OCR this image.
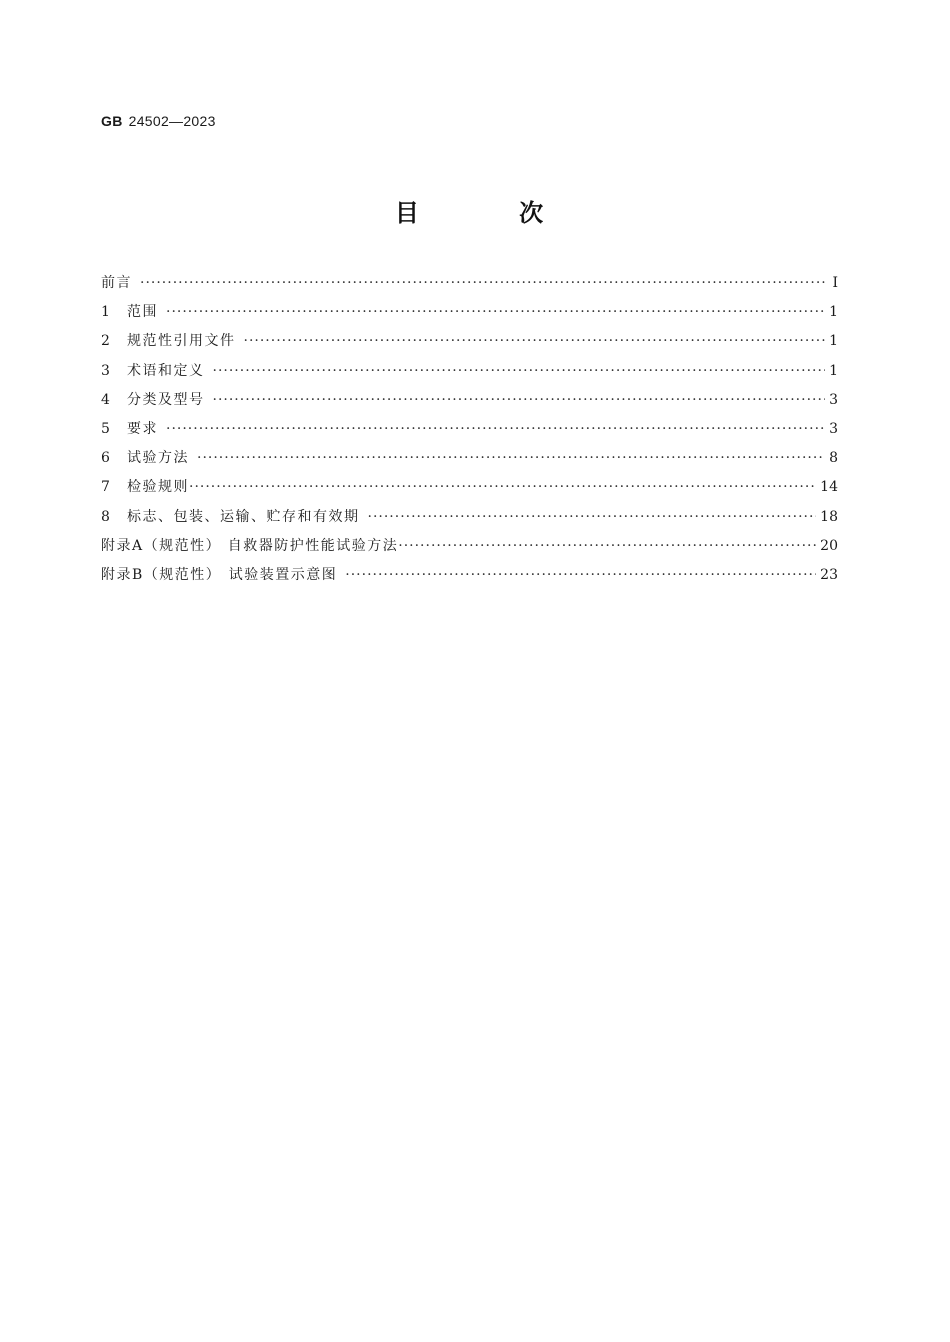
GB 24502—2023
目 次
前言 ·····	Ⅰ
1	范围 ·····	1
2	规范性引用文件 ·····	1
3	术语和定义 ·····	1
4	分类及型号 ·····	3
5	要求 ·····	3
6	试验方法 ·····	8
7	检验规则 ·····	14
8	标志、包装、运输、贮存和有效期 ·····	18
附录A（规范性） 自救器防护性能试验方法 ·····	20
附录B（规范性） 试验装置示意图 ·····	23
